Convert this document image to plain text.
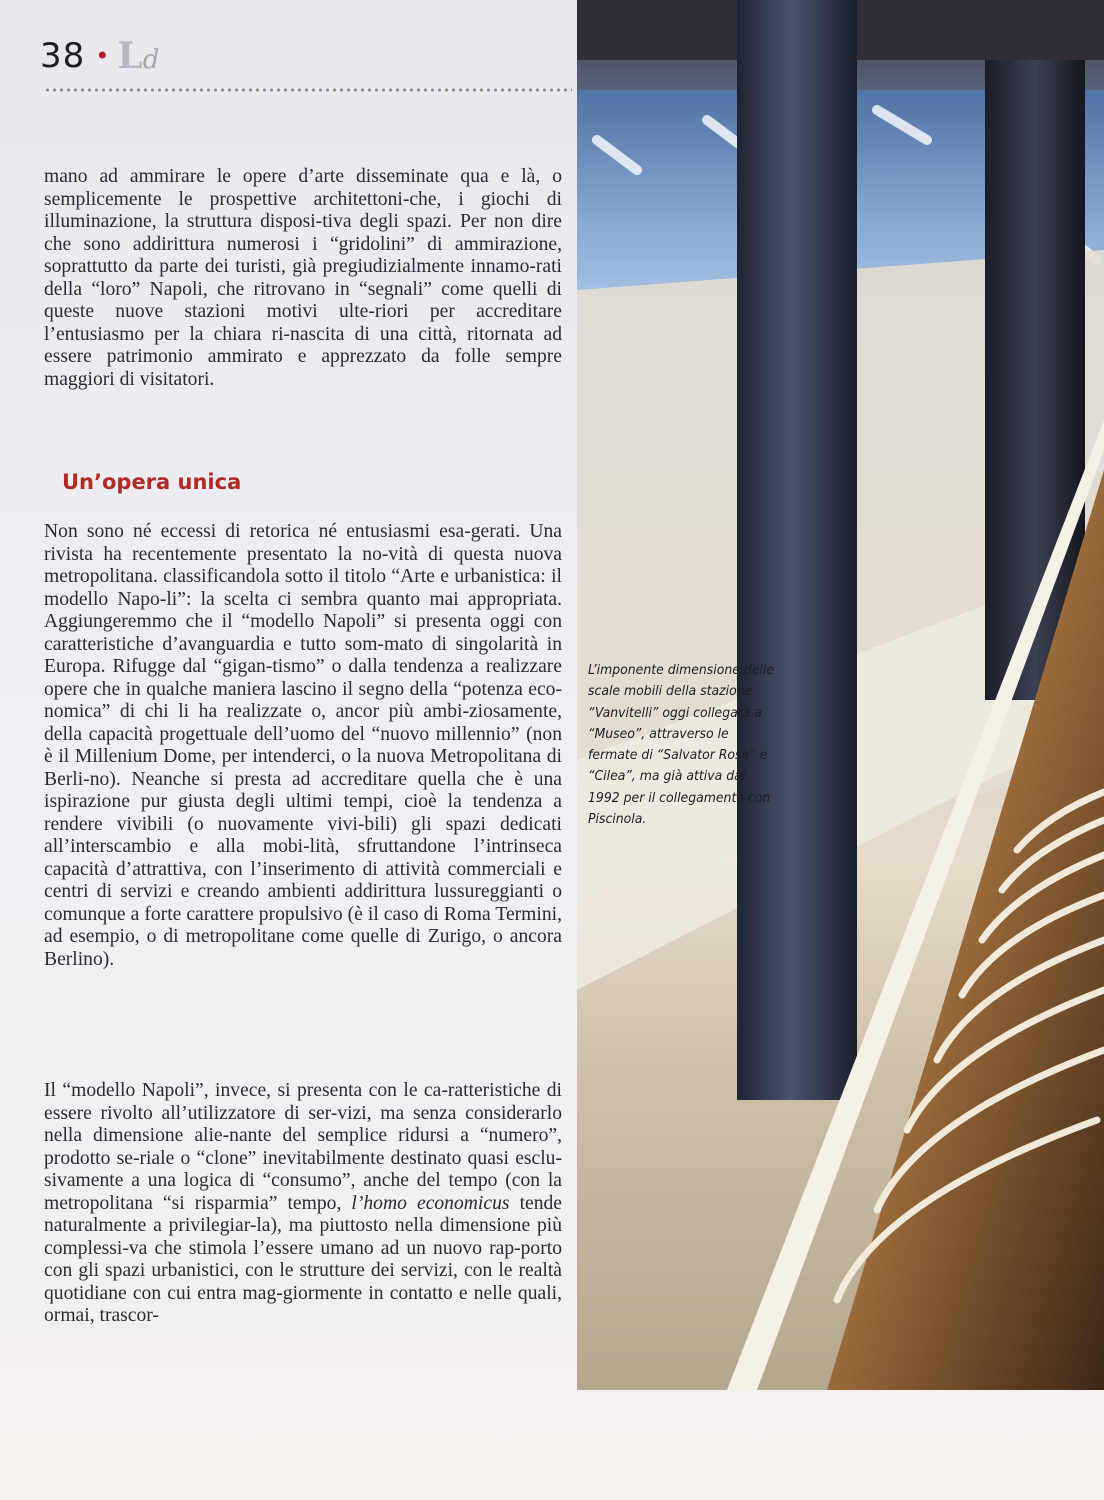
38 • Ld

mano ad ammirare le opere d’arte disseminate qua e là, o semplicemente le prospettive architettoni-che, i giochi di illuminazione, la struttura disposi-tiva degli spazi. Per non dire che sono addirittura numerosi i “gridolini” di ammirazione, soprattutto da parte dei turisti, già pregiudizialmente innamo-rati della “loro” Napoli, che ritrovano in “segnali” come quelli di queste nuove stazioni motivi ulte-riori per accreditare l’entusiasmo per la chiara ri-nascita di una città, ritornata ad essere patrimonio ammirato e apprezzato da folle sempre maggiori di visitatori.

Un’opera unica

Non sono né eccessi di retorica né entusiasmi esa-gerati. Una rivista ha recentemente presentato la no-vità di questa nuova metropolitana. classificandola sotto il titolo “Arte e urbanistica: il modello Napo-li”: la scelta ci sembra quanto mai appropriata. Aggiungeremmo che il “modello Napoli” si presenta oggi con caratteristiche d’avanguardia e tutto som-mato di singolarità in Europa. Rifugge dal “gigan-tismo” o dalla tendenza a realizzare opere che in qualche maniera lascino il segno della “potenza eco-nomica” di chi li ha realizzate o, ancor più ambi-ziosamente, della capacità progettuale dell’uomo del “nuovo millennio” (non è il Millenium Dome, per intenderci, o la nuova Metropolitana di Berli-no). Neanche si presta ad accreditare quella che è una ispirazione pur giusta degli ultimi tempi, cioè la tendenza a rendere vivibili (o nuovamente vivi-bili) gli spazi dedicati all’interscambio e alla mobi-lità, sfruttandone l’intrinseca capacità d’attrattiva, con l’inserimento di attività commerciali e centri di servizi e creando ambienti addirittura lussureggianti o comunque a forte carattere propulsivo (è il caso di Roma Termini, ad esempio, o di metropolitane come quelle di Zurigo, o ancora Berlino).

Il “modello Napoli”, invece, si presenta con le ca-ratteristiche di essere rivolto all’utilizzatore di ser-vizi, ma senza considerarlo nella dimensione alie-nante del semplice ridursi a “numero”, prodotto se-riale o “clone” inevitabilmente destinato quasi esclu-sivamente a una logica di “consumo”, anche del tempo (con la metropolitana “si risparmia” tempo, l’homo economicus tende naturalmente a privilegiar-la), ma piuttosto nella dimensione più complessi-va che stimola l’essere umano ad un nuovo rap-porto con gli spazi urbanistici, con le strutture dei servizi, con le realtà quotidiane con cui entra mag-giormente in contatto e nelle quali, ormai, trascor-

L’imponente dimensione delle scale mobili della stazione “Vanvitelli” oggi collegata a “Museo”, attraverso le fermate di “Salvator Rosa” e “Cilea”, ma già attiva dal 1992 per il collegamento con Piscinola.
